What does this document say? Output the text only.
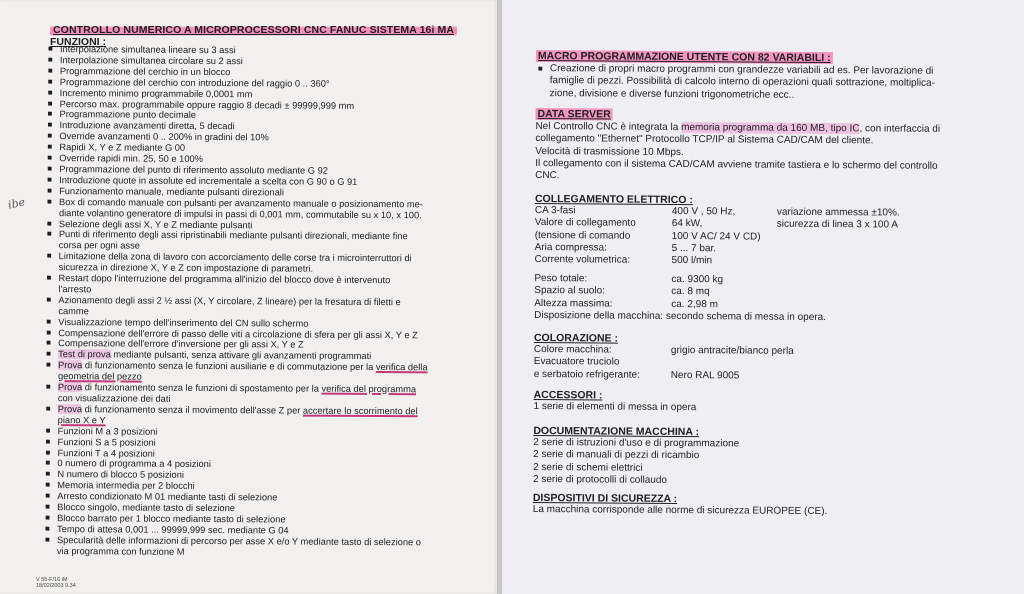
CONTROLLO NUMERICO A MICROPROCESSORI CNC FANUC SISTEMA 16i MA
FUNZIONI :
■ Interpolazione simultanea lineare su 3 assi
■ Interpolazione simultanea circolare su 2 assi
■ Programmazione del cerchio in un blocco
■ Programmazione del cerchio con introduzione del raggio 0 .. 360°
■ Incremento minimo programmabile 0,0001 mm
■ Percorso max. programmabile oppure raggio 8 decadi ± 99999,999 mm
■ Programmazione punto decimale
■ Introduzione avanzamenti diretta, 5 decadi
■ Override avanzamenti 0 .. 200% in gradini del 10%
■ Rapidi X, Y e Z mediante G 00
■ Override rapidi min. 25, 50 e 100%
■ Programmazione del punto di riferimento assoluto mediante G 92
■ Introduzione quote in assolute ed incrementale a scelta con G 90 o G 91
■ Funzionamento manuale, mediante pulsanti direzionali
■ Box di comando manuale con pulsanti per avanzamento manuale o posizionamento me-
diante volantino generatore di impulsi in passi di 0,001 mm, commutabile su x 10, x 100.
■ Selezione degli assi X, Y e Z mediante pulsanti
■ Punti di riferimento degli assi ripristinabili mediante pulsanti direzionali, mediante fine
corsa per ogni asse
■ Limitazione della zona di lavoro con accorciamento delle corse tra i microinterruttori di
sicurezza in direzione X, Y e Z con impostazione di parametri.
■ Restart dopo l'interruzione del programma all'inizio del blocco dove è intervenuto
l'arresto
■ Azionamento degli assi 2 ½ assi (X, Y circolare, Z lineare) per la fresatura di filetti e
camme
■ Visualizzazione tempo dell'inserimento del CN sullo schermo
■ Compensazione dell'errore di passo delle viti a circolazione di sfera per gli assi X, Y e Z
■ Compensazione dell'errore d'inversione per gli assi X, Y e Z
■ Test di prova mediante pulsanti, senza attivare gli avanzamenti programmati
■ Prova di funzionamento senza le funzioni ausiliarie e di commutazione per la verifica della
geometria del pezzo
■ Prova di funzionamento senza le funzioni di spostamento per la verifica del programma
con visualizzazione dei dati
■ Prova di funzionamento senza il movimento dell'asse Z per accertare lo scorrimento del
piano X e Y
■ Funzioni M a 3 posizioni
■ Funzioni S a 5 posizioni
■ Funzioni T a 4 posizioni
■ 0 numero di programma a 4 posizioni
■ N numero di blocco 5 posizioni
■ Memoria intermedia per 2 blocchi
■ Arresto condizionato M 01 mediante tasti di selezione
■ Blocco singolo, mediante tasto di selezione
■ Blocco barrato per 1 blocco mediante tasto di selezione
■ Tempo di attesa 0,001 ... 99999,999 sec. mediante G 04
■ Specularità delle informazioni di percorso per asse X e/o Y mediante tasto di selezione o
via programma con funzione M
ibe
V 55-F/16 iM
18/02/2003 9.34
MACRO PROGRAMMAZIONE UTENTE CON 82 VARIABILI :
■ Creazione di propri macro programmi con grandezze variabili ad es. Per lavorazione di
famiglie di pezzi. Possibilità di calcolo interno di operazioni quali sottrazione, moltiplica-
zione, divisione e diverse funzioni trigonometriche ecc..
DATA SERVER
Nel Controllo CNC è integrata la memoria programma da 160 MB, tipo IC, con interfaccia di
collegamento "Ethernet" Protocollo TCP/IP al Sistema CAD/CAM del cliente.
Velocità di trasmissione 10 Mbps.
Il collegamento con il sistema CAD/CAM avviene tramite tastiera e lo schermo del controllo
CNC.
COLLEGAMENTO ELETTRICO :
CA 3-fasi	400 V , 50 Hz,	variazione ammessa ±10%.
Valore di collegamento	64 kW,	sicurezza di linea 3 x 100 A
(tensione di comando	100 V AC/ 24 V CD)
Aria compressa:	5 ... 7 bar.
Corrente volumetrica:	500 l/min
Peso totale:	ca. 9300 kg
Spazio al suolo:	ca. 8 mq
Altezza massima:	ca. 2,98 m
Disposizione della macchina: secondo schema di messa in opera.
COLORAZIONE :
Colore macchina:	grigio antracite/bianco perla
Evacuatore truciolo
e serbatoio refrigerante:	Nero RAL 9005
ACCESSORI :
1 serie di elementi di messa in opera
DOCUMENTAZIONE MACCHINA :
2 serie di istruzioni d'uso e di programmazione
2 serie di manuali di pezzi di ricambio
2 serie di schemi elettrici
2 serie di protocolli di collaudo
DISPOSITIVI DI SICUREZZA :
La macchina corrisponde alle norme di sicurezza EUROPEE (CE).
